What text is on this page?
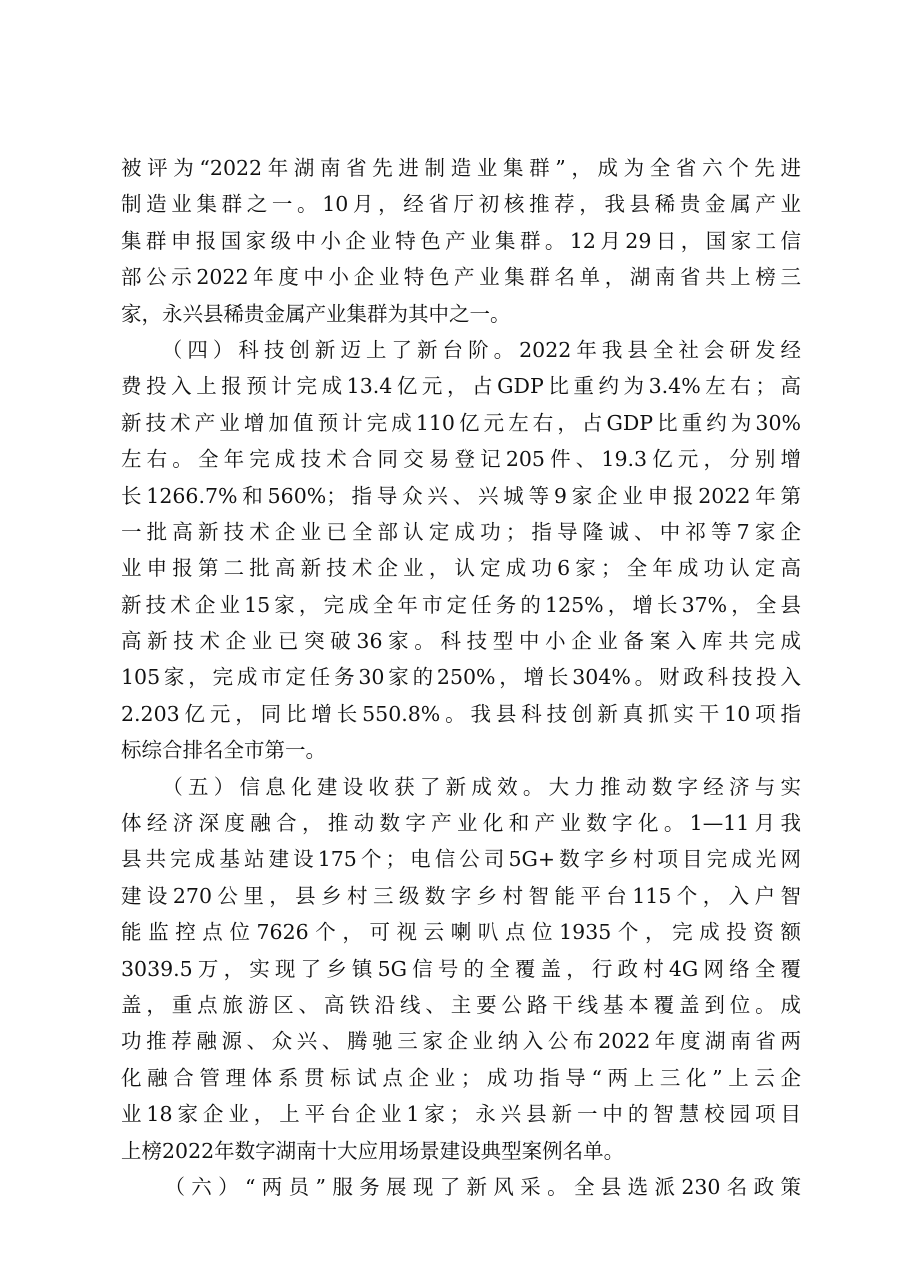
被评为“2022年湖南省先进制造业集群”，成为全省六个先进
制造业集群之一。10月，经省厅初核推荐，我县稀贵金属产业
集群申报国家级中小企业特色产业集群。12月29日，国家工信
部公示2022年度中小企业特色产业集群名单，湖南省共上榜三
家，永兴县稀贵金属产业集群为其中之一。
　　（四）科技创新迈上了新台阶。2022年我县全社会研发经
费投入上报预计完成13.4亿元，占GDP比重约为3.4%左右；高
新技术产业增加值预计完成110亿元左右，占GDP比重约为30%
左右。全年完成技术合同交易登记205件、19.3亿元，分别增
长1266.7%和560%；指导众兴、兴城等9家企业申报2022年第
一批高新技术企业已全部认定成功；指导隆诚、中祁等7家企
业申报第二批高新技术企业，认定成功6家；全年成功认定高
新技术企业15家，完成全年市定任务的125%，增长37%，全县
高新技术企业已突破36家。科技型中小企业备案入库共完成
105家，完成市定任务30家的250%，增长304%。财政科技投入
2.203亿元，同比增长550.8%。我县科技创新真抓实干10项指
标综合排名全市第一。
　　（五）信息化建设收获了新成效。大力推动数字经济与实
体经济深度融合，推动数字产业化和产业数字化。1—11月我
县共完成基站建设175个；电信公司5G+数字乡村项目完成光网
建设270公里，县乡村三级数字乡村智能平台115个，入户智
能监控点位7626个，可视云喇叭点位1935个，完成投资额
3039.5万，实现了乡镇5G信号的全覆盖，行政村4G网络全覆
盖，重点旅游区、高铁沿线、主要公路干线基本覆盖到位。成
功推荐融源、众兴、腾驰三家企业纳入公布2022年度湖南省两
化融合管理体系贯标试点企业；成功指导“两上三化”上云企
业18家企业，上平台企业1家；永兴县新一中的智慧校园项目
上榜2022年数字湖南十大应用场景建设典型案例名单。
　　（六）“两员”服务展现了新风采。全县选派230名政策
